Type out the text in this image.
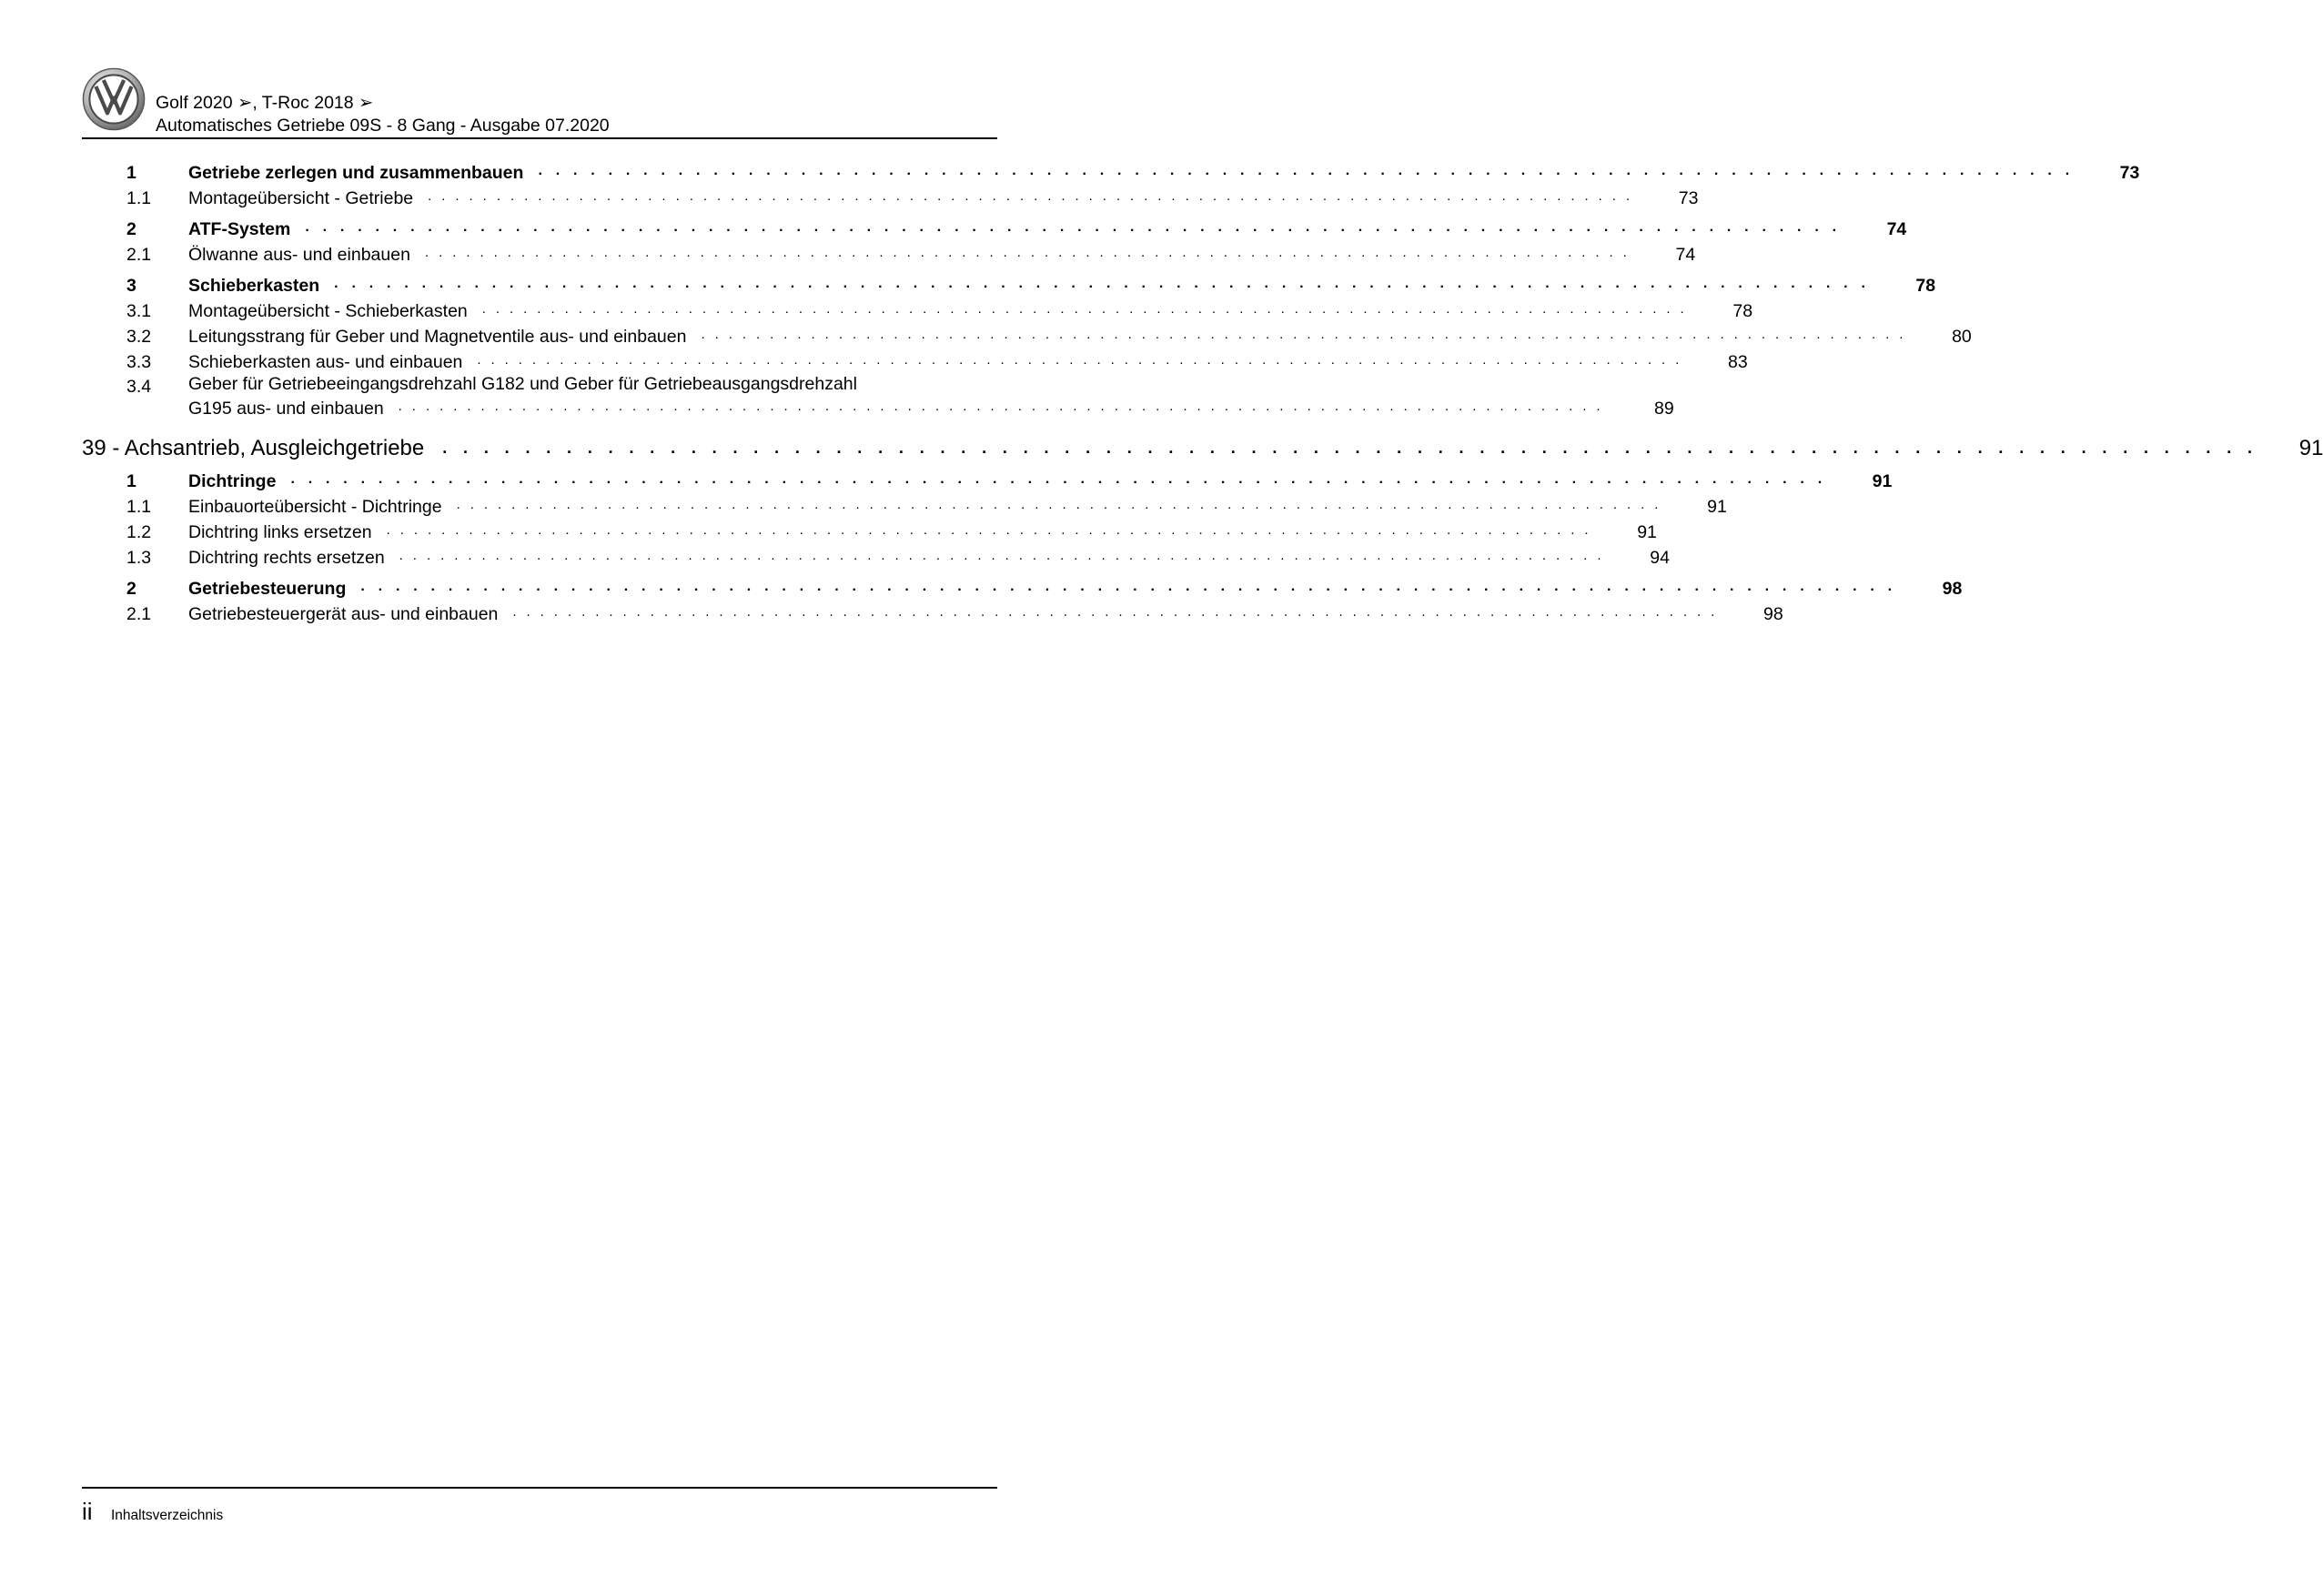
Golf 2020 ➢, T-Roc 2018 ➢
Automatisches Getriebe 09S - 8 Gang - Ausgabe 07.2020
1	Getriebe zerlegen und zusammenbauen	. . . . . . . . . . . . . . . . . . . . . . . . . . . . . . . . . . . . . . . . . . . . . . . . . . . . . . . . . . . . . . . . . . . . . . . . . . . . . . . . . . . . . . . .	73
1.1 Montageübersicht - Getriebe	. . . . . . . . . . . . . . . . . . . . . . . . . . . . . . . . . . . . . . . . . . . . . . . . . . . . . . . . . . . . . . . . . . . . . . . . . . . . . . . . . . . . . . . .	73
2	ATF-System	. . . . . . . . . . . . . . . . . . . . . . . . . . . . . . . . . . . . . . . . . . . . . . . . . . . . . . . . . . . . . . . . . . . . . . . . . . . . . . . . . . . . . . . .	74
2.1 Ölwanne aus- und einbauen	. . . . . . . . . . . . . . . . . . . . . . . . . . . . . . . . . . . . . . . . . . . . . . . . . . . . . . . . . . . . . . . . . . . . . . . . . . . . . . . . . . . . . . . .	74
3	Schieberkasten	. . . . . . . . . . . . . . . . . . . . . . . . . . . . . . . . . . . . . . . . . . . . . . . . . . . . . . . . . . . . . . . . . . . . . . . . . . . . . . . . . . . . . . . .	78
3.1 Montageübersicht - Schieberkasten	. . . . . . . . . . . . . . . . . . . . . . . . . . . . . . . . . . . . . . . . . . . . . . . . . . . . . . . . . . . . . . . . . . . . . . . . . . . . . . . . . . . . . . . .	78
3.2 Leitungsstrang für Geber und Magnetventile aus- und einbauen	. . . . . . . . . . . . . . . . . . . . . . . . . . . . . . . . . . . . . . . . . . . . . . . . . . . . . . . . . . . . . . . . . . . . . . . . . . . . . . . . . . . . . . . .	80
3.3 Schieberkasten aus- und einbauen	. . . . . . . . . . . . . . . . . . . . . . . . . . . . . . . . . . . . . . . . . . . . . . . . . . . . . . . . . . . . . . . . . . . . . . . . . . . . . . . . . . . . . . . .	83
3.4 Geber für Getriebeeingangsdrehzahl G182 und Geber für Getriebeausgangsdrehzahl
G195 aus- und einbauen	. . . . . . . . . . . . . . . . . . . . . . . . . . . . . . . . . . . . . . . . . . . . . . . . . . . . . . . . . . . . . . . . . . . . . . . . . . . . . . . . . . . . . . . .	89
39 - Achsantrieb, Ausgleichgetriebe	. . . . . . . . . . . . . . . . . . . . . . . . . . . . . . . . . . . . . . . . . . . . . . . . . . . . . . . . . . . . . . . . . . . . . . . . . . . . . . . . . . . . . . . .	91
1	Dichtringe	. . . . . . . . . . . . . . . . . . . . . . . . . . . . . . . . . . . . . . . . . . . . . . . . . . . . . . . . . . . . . . . . . . . . . . . . . . . . . . . . . . . . . . . .	91
1.1 Einbauorteübersicht - Dichtringe	. . . . . . . . . . . . . . . . . . . . . . . . . . . . . . . . . . . . . . . . . . . . . . . . . . . . . . . . . . . . . . . . . . . . . . . . . . . . . . . . . . . . . . . .	91
1.2 Dichtring links ersetzen	. . . . . . . . . . . . . . . . . . . . . . . . . . . . . . . . . . . . . . . . . . . . . . . . . . . . . . . . . . . . . . . . . . . . . . . . . . . . . . . . . . . . . . . .	91
1.3 Dichtring rechts ersetzen	. . . . . . . . . . . . . . . . . . . . . . . . . . . . . . . . . . . . . . . . . . . . . . . . . . . . . . . . . . . . . . . . . . . . . . . . . . . . . . . . . . . . . . . .	94
2	Getriebesteuerung	. . . . . . . . . . . . . . . . . . . . . . . . . . . . . . . . . . . . . . . . . . . . . . . . . . . . . . . . . . . . . . . . . . . . . . . . . . . . . . . . . . . . . . . .	98
2.1 Getriebesteuergerät aus- und einbauen	. . . . . . . . . . . . . . . . . . . . . . . . . . . . . . . . . . . . . . . . . . . . . . . . . . . . . . . . . . . . . . . . . . . . . . . . . . . . . . . . . . . . . . . .	98
ii Inhaltsverzeichnis
